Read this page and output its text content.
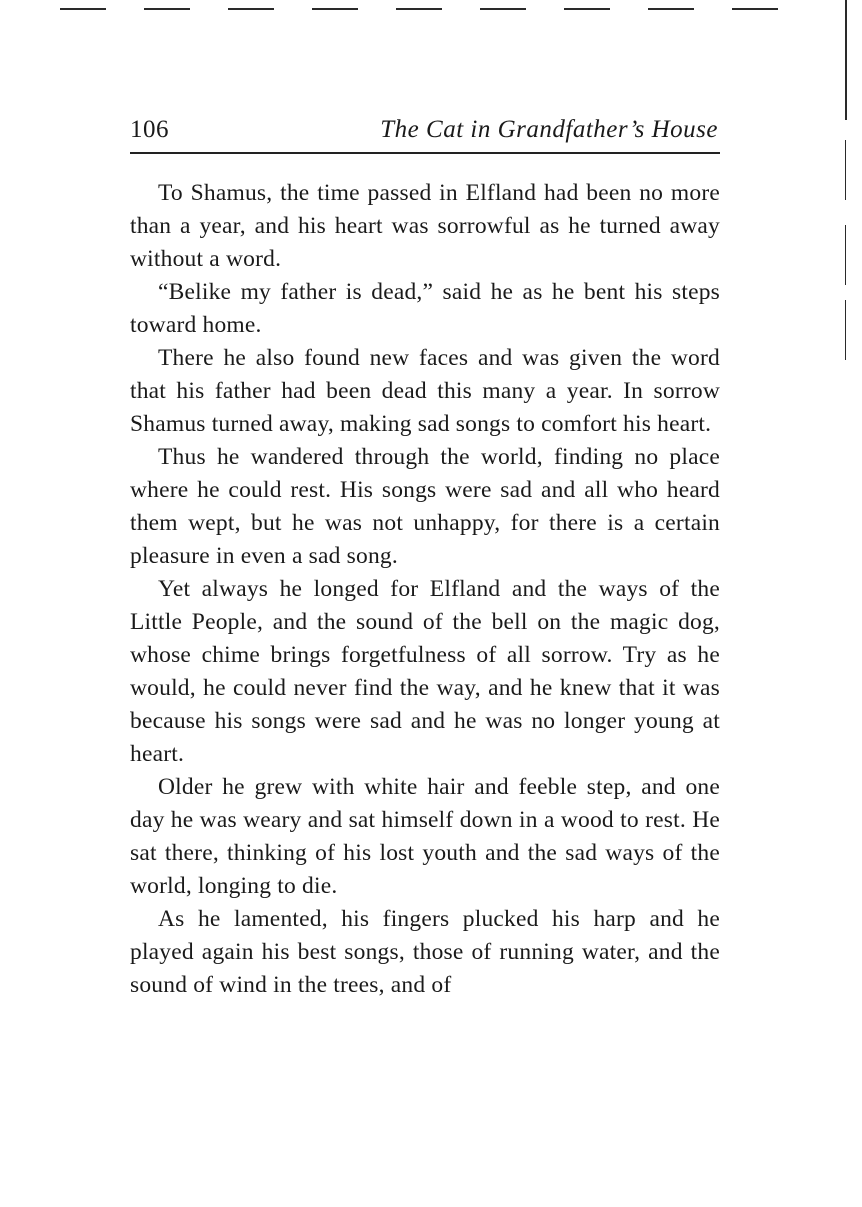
106	The Cat in Grandfather’s House

To Shamus, the time passed in Elfland had been no more than a year, and his heart was sorrowful as he turned away without a word.

“Belike my father is dead,” said he as he bent his steps toward home.

There he also found new faces and was given the word that his father had been dead this many a year. In sorrow Shamus turned away, making sad songs to comfort his heart.

Thus he wandered through the world, finding no place where he could rest. His songs were sad and all who heard them wept, but he was not unhappy, for there is a certain pleasure in even a sad song.

Yet always he longed for Elfland and the ways of the Little People, and the sound of the bell on the magic dog, whose chime brings forgetfulness of all sorrow. Try as he would, he could never find the way, and he knew that it was because his songs were sad and he was no longer young at heart.

Older he grew with white hair and feeble step, and one day he was weary and sat himself down in a wood to rest. He sat there, thinking of his lost youth and the sad ways of the world, longing to die.

As he lamented, his fingers plucked his harp and he played again his best songs, those of running water, and the sound of wind in the trees, and of
